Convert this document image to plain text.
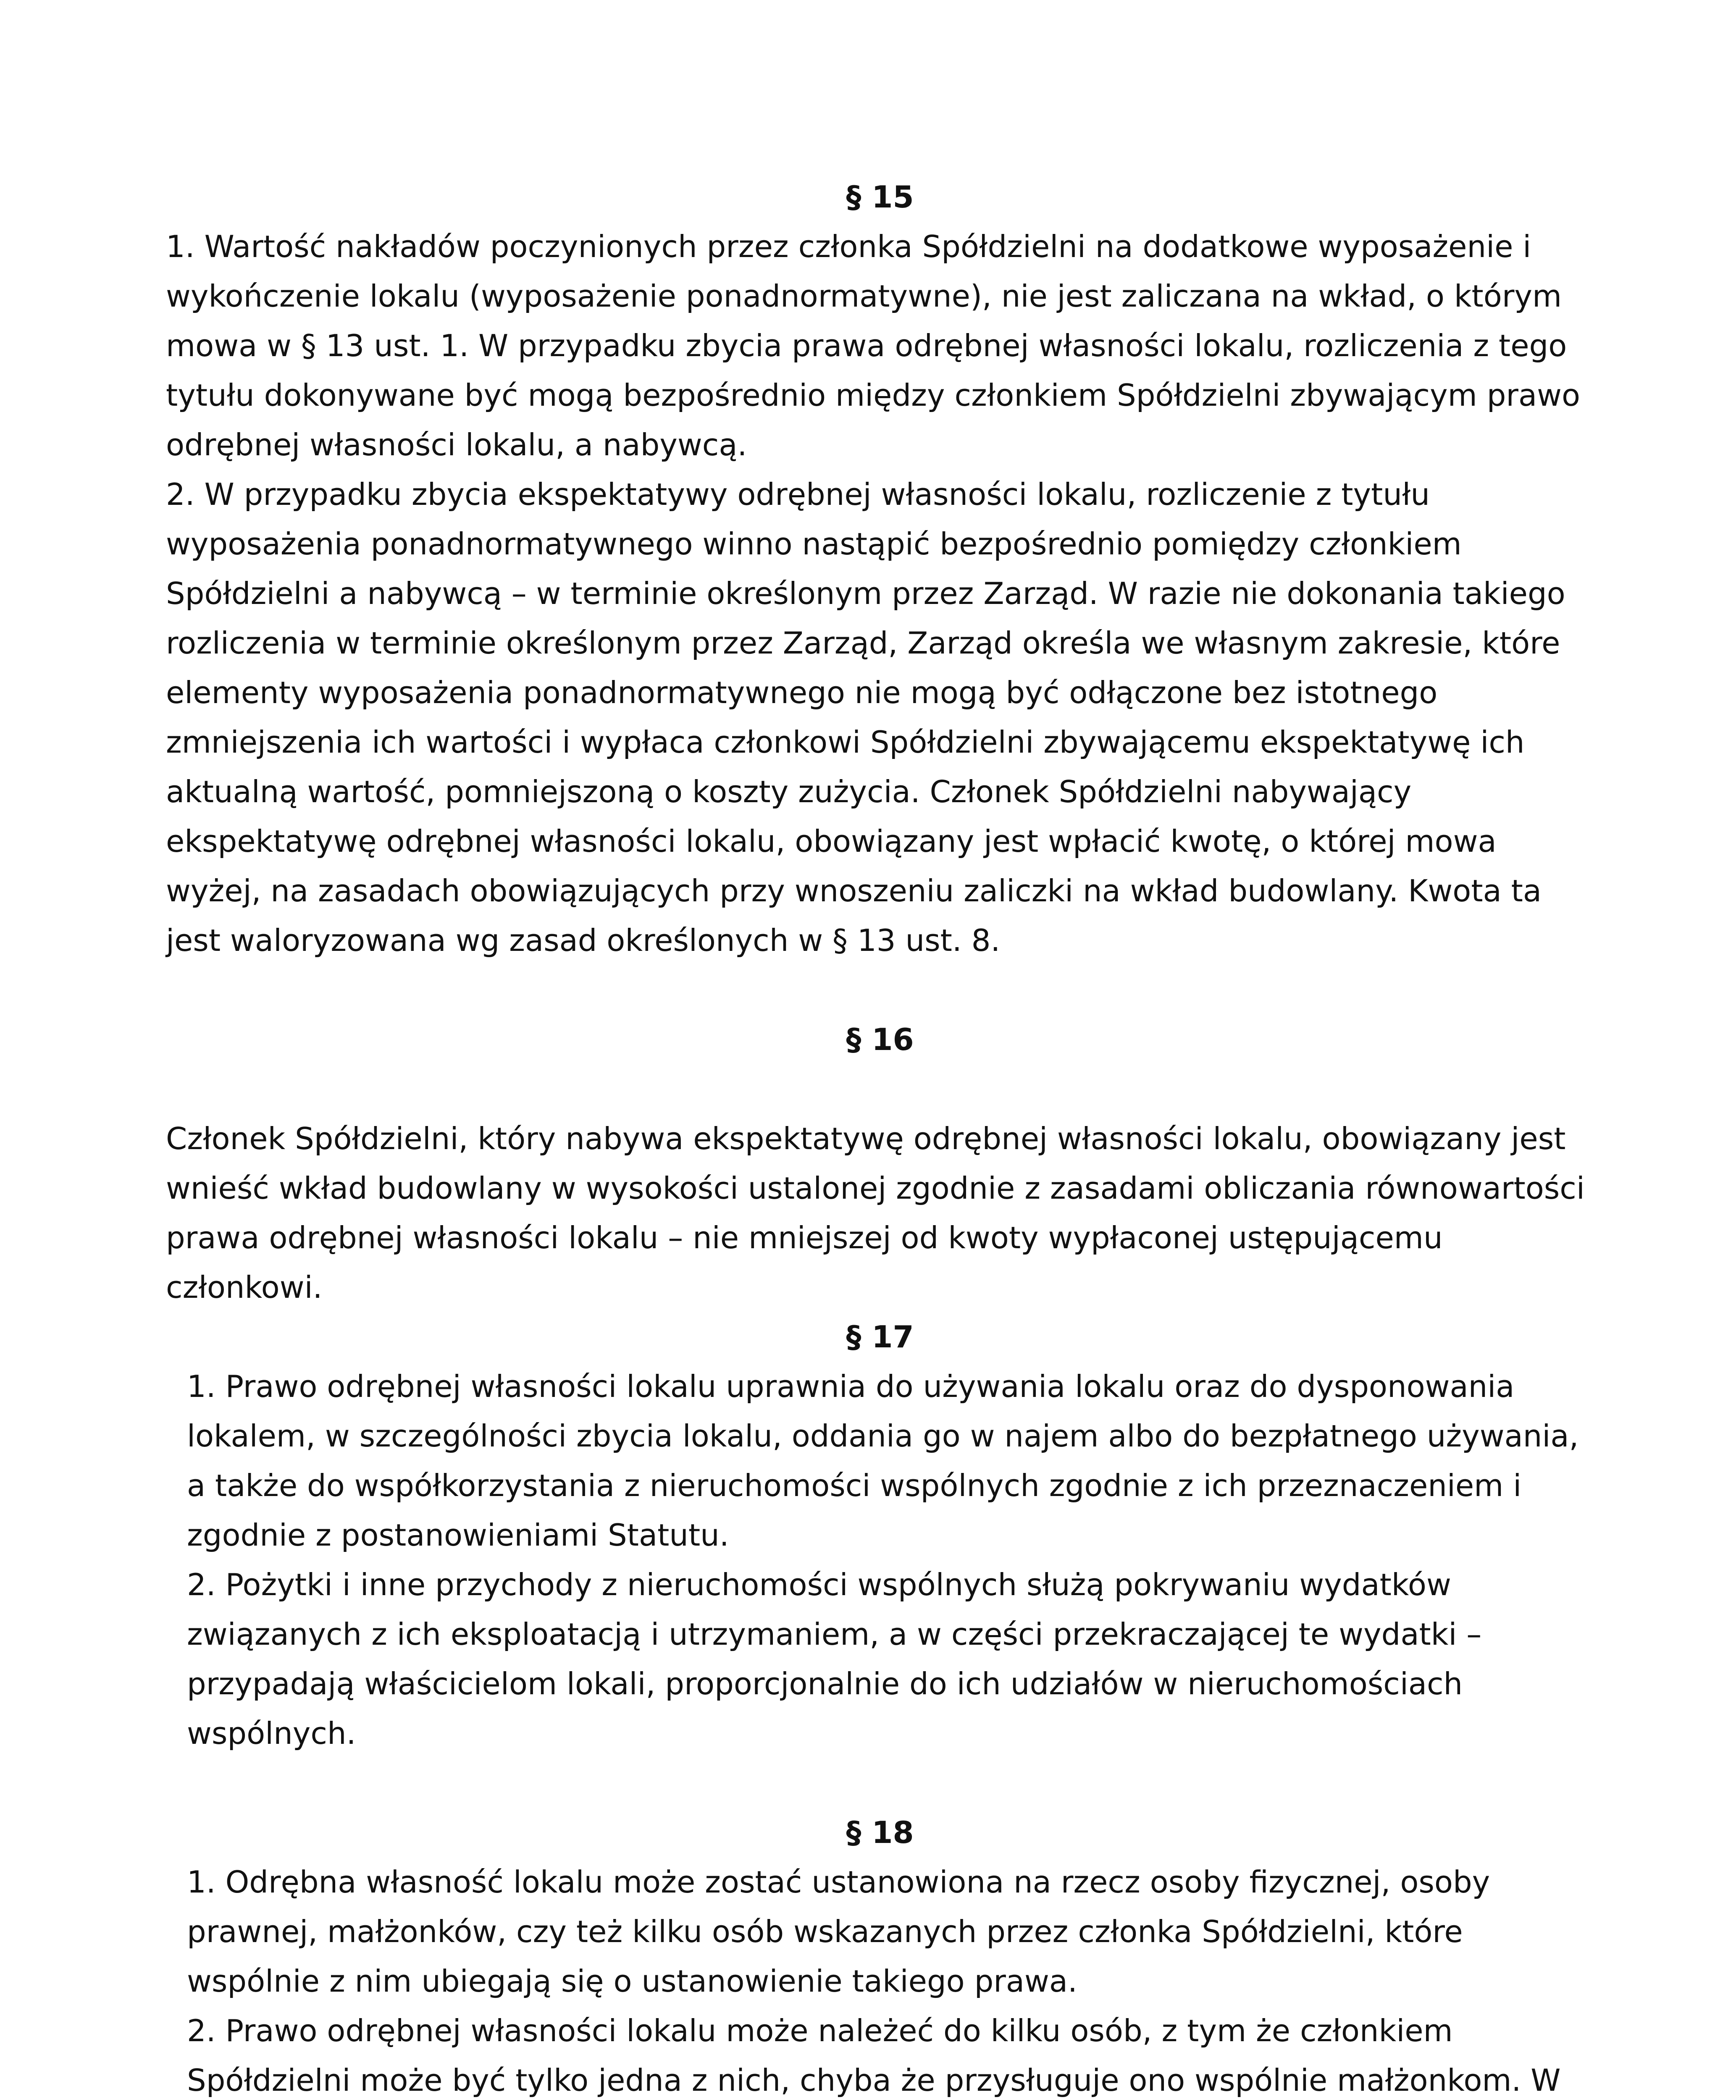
§ 15

1. Wartość nakładów poczynionych przez członka Spółdzielni na dodatkowe wyposażenie i wykończenie lokalu (wyposażenie ponadnormatywne), nie jest zaliczana na wkład, o którym mowa w § 13 ust. 1. W przypadku zbycia prawa odrębnej własności lokalu, rozliczenia z tego tytułu dokonywane być mogą bezpośrednio między członkiem Spółdzielni zbywającym prawo odrębnej własności lokalu, a nabywcą.

2. W przypadku zbycia ekspektatywy odrębnej własności lokalu, rozliczenie z tytułu wyposażenia ponadnormatywnego winno nastąpić bezpośrednio pomiędzy członkiem Spółdzielni a nabywcą – w terminie określonym przez Zarząd. W razie nie dokonania takiego rozliczenia w terminie określonym przez Zarząd, Zarząd określa we własnym zakresie, które elementy wyposażenia ponadnormatywnego nie mogą być odłączone bez istotnego zmniejszenia ich wartości i wypłaca członkowi Spółdzielni zbywającemu ekspektatywę ich aktualną wartość, pomniejszoną o koszty zużycia. Członek Spółdzielni nabywający ekspektatywę odrębnej własności lokalu, obowiązany jest wpłacić kwotę, o której mowa wyżej, na zasadach obowiązujących przy wnoszeniu zaliczki na wkład budowlany. Kwota ta jest waloryzowana wg zasad określonych w § 13 ust. 8.

§ 16

Członek Spółdzielni, który nabywa ekspektatywę odrębnej własności lokalu, obowiązany jest wnieść wkład budowlany w wysokości ustalonej zgodnie z zasadami obliczania równowartości prawa odrębnej własności lokalu – nie mniejszej od kwoty wypłaconej ustępującemu członkowi.

§ 17

1. Prawo odrębnej własności lokalu uprawnia do używania lokalu oraz do dysponowania lokalem, w szczególności zbycia lokalu, oddania go w najem albo do bezpłatnego używania, a także do współkorzystania z nieruchomości wspólnych zgodnie z ich przeznaczeniem i zgodnie z postanowieniami Statutu.

2. Pożytki i inne przychody z nieruchomości wspólnych służą pokrywaniu wydatków związanych z ich eksploatacją i utrzymaniem, a w części przekraczającej te wydatki – przypadają właścicielom lokali, proporcjonalnie do ich udziałów w nieruchomościach wspólnych.

§ 18

1. Odrębna własność lokalu może zostać ustanowiona na rzecz osoby fizycznej, osoby prawnej, małżonków, czy też kilku osób wskazanych przez członka Spółdzielni, które wspólnie z nim ubiegają się o ustanowienie takiego prawa.

2. Prawo odrębnej własności lokalu może należeć do kilku osób, z tym że członkiem Spółdzielni może być tylko jedna z nich, chyba że przysługuje ono wspólnie małżonkom. W
